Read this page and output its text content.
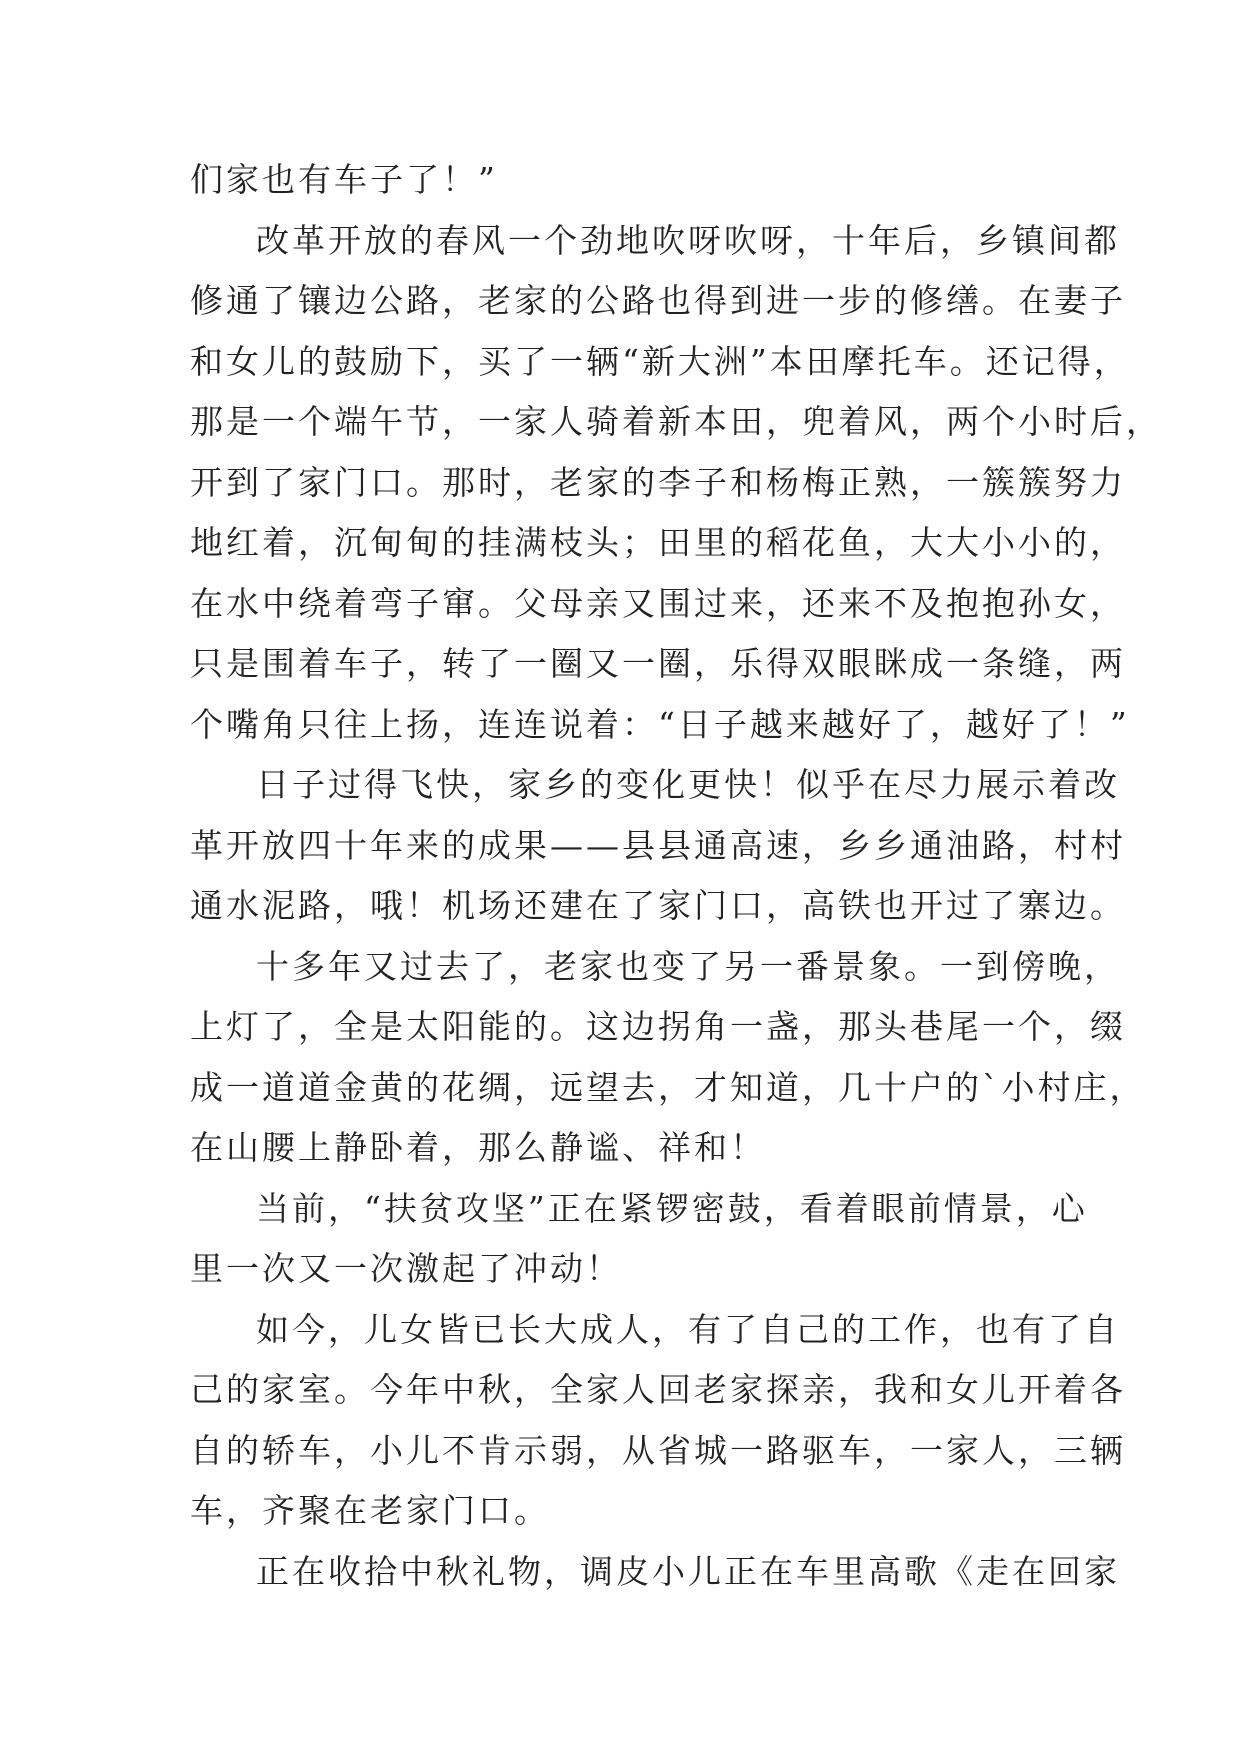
们家也有车子了！”
改革开放的春风一个劲地吹呀吹呀，十年后，乡镇间都
修通了镶边公路，老家的公路也得到进一步的修缮。在妻子
和女儿的鼓励下，买了一辆“新大洲”本田摩托车。还记得，
那是一个端午节，一家人骑着新本田，兜着风，两个小时后，
开到了家门口。那时，老家的李子和杨梅正熟，一簇簇努力
地红着，沉甸甸的挂满枝头；田里的稻花鱼，大大小小的，
在水中绕着弯子窜。父母亲又围过来，还来不及抱抱孙女，
只是围着车子，转了一圈又一圈，乐得双眼眯成一条缝，两
个嘴角只往上扬，连连说着：“日子越来越好了，越好了！”
日子过得飞快，家乡的变化更快！似乎在尽力展示着改
革开放四十年来的成果——县县通高速，乡乡通油路，村村
通水泥路，哦！机场还建在了家门口，高铁也开过了寨边。
十多年又过去了，老家也变了另一番景象。一到傍晚，
上灯了，全是太阳能的。这边拐角一盏，那头巷尾一个，缀
成一道道金黄的花绸，远望去，才知道，几十户的`小村庄，
在山腰上静卧着，那么静谧、祥和！
当前，“扶贫攻坚”正在紧锣密鼓，看着眼前情景，心
里一次又一次激起了冲动！
如今，儿女皆已长大成人，有了自己的工作，也有了自
己的家室。今年中秋，全家人回老家探亲，我和女儿开着各
自的轿车，小儿不肯示弱，从省城一路驱车，一家人，三辆
车，齐聚在老家门口。
正在收拾中秋礼物，调皮小儿正在车里高歌《走在回家
